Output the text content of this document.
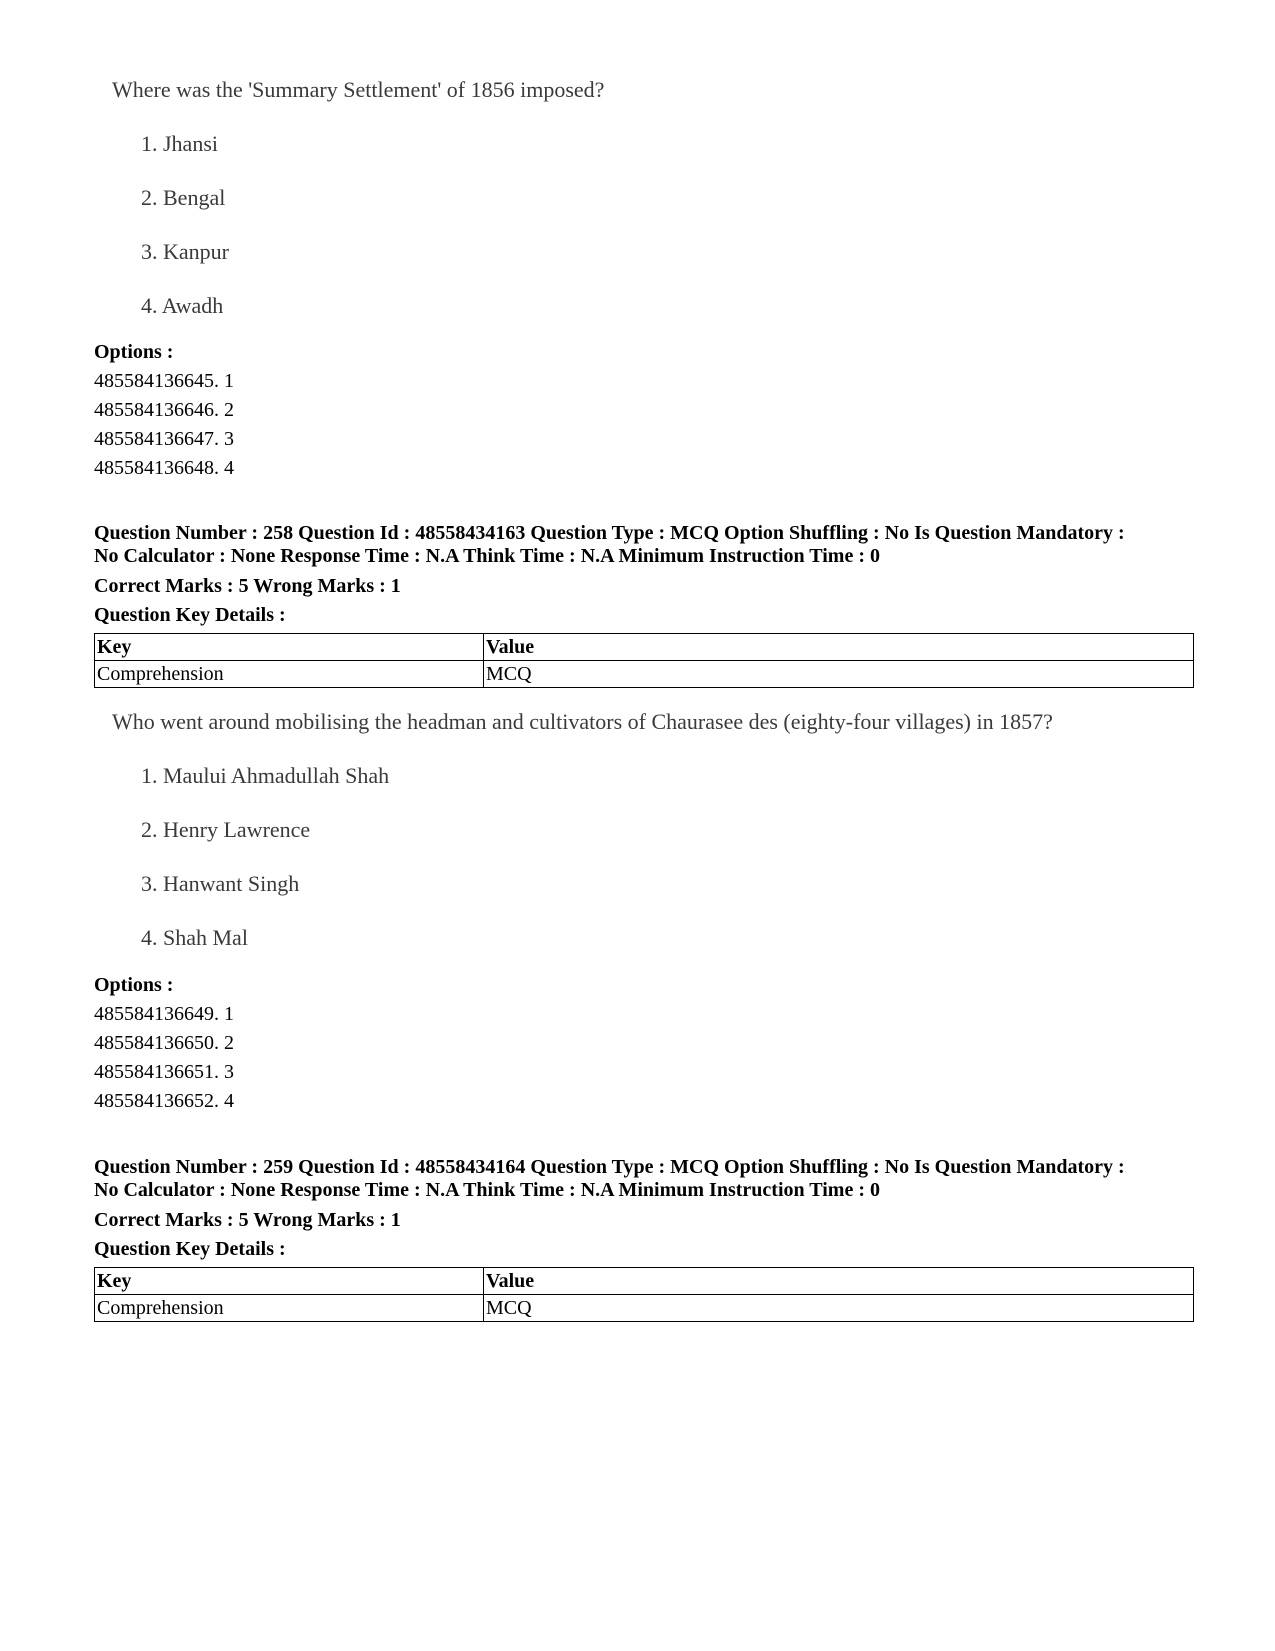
Where was the 'Summary Settlement' of 1856 imposed?
1. Jhansi
2. Bengal
3. Kanpur
4. Awadh
Options :
485584136645. 1
485584136646. 2
485584136647. 3
485584136648. 4
Question Number : 258 Question Id : 48558434163 Question Type : MCQ Option Shuffling : No Is Question Mandatory :
No Calculator : None Response Time : N.A Think Time : N.A Minimum Instruction Time : 0
Correct Marks : 5 Wrong Marks : 1
Question Key Details :
Key	Value
Comprehension	MCQ
Who went around mobilising the headman and cultivators of Chaurasee des (eighty-four villages) in 1857?
1. Maului Ahmadullah Shah
2. Henry Lawrence
3. Hanwant Singh
4. Shah Mal
Options :
485584136649. 1
485584136650. 2
485584136651. 3
485584136652. 4
Question Number : 259 Question Id : 48558434164 Question Type : MCQ Option Shuffling : No Is Question Mandatory :
No Calculator : None Response Time : N.A Think Time : N.A Minimum Instruction Time : 0
Correct Marks : 5 Wrong Marks : 1
Question Key Details :
Key	Value
Comprehension	MCQ
